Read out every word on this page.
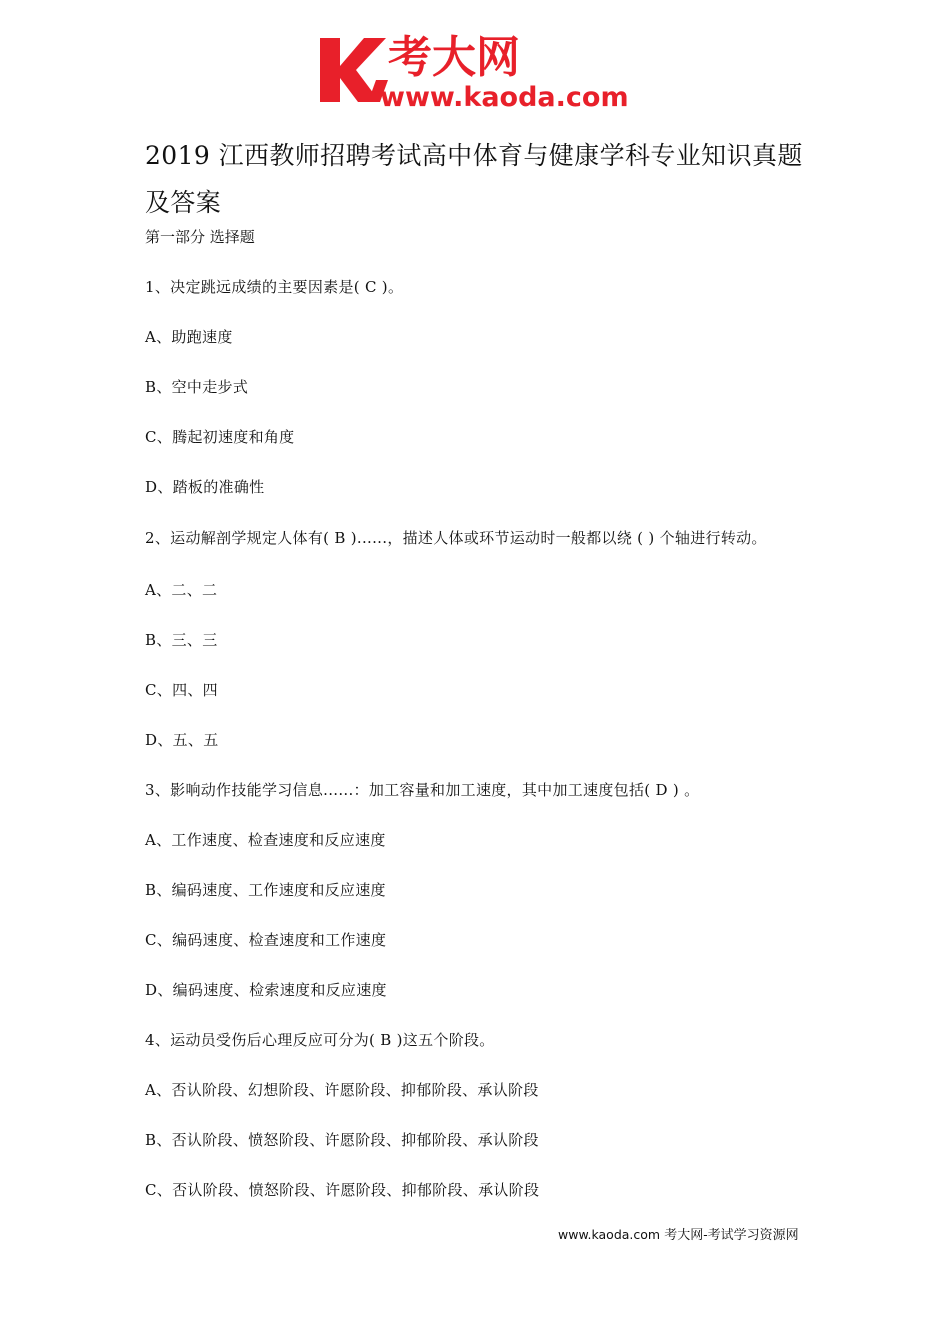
考大网
www.kaoda.com
2019 江西教师招聘考试高中体育与健康学科专业知识真题及答案
第一部分 选择题

1、决定跳远成绩的主要因素是( C )。

A、助跑速度

B、空中走步式

C、腾起初速度和角度

D、踏板的准确性

2、运动解剖学规定人体有( B )......，描述人体或环节运动时一般都以绕 ( ) 个轴进行转动。

A、二、二

B、三、三

C、四、四

D、五、五

3、影响动作技能学习信息......：加工容量和加工速度，其中加工速度包括( D ) 。

A、工作速度、检查速度和反应速度

B、编码速度、工作速度和反应速度

C、编码速度、检查速度和工作速度

D、编码速度、检索速度和反应速度

4、运动员受伤后心理反应可分为( B )这五个阶段。

A、否认阶段、幻想阶段、许愿阶段、抑郁阶段、承认阶段

B、否认阶段、愤怒阶段、许愿阶段、抑郁阶段、承认阶段

C、否认阶段、愤怒阶段、许愿阶段、抑郁阶段、承认阶段

www.kaoda.com 考大网-考试学习资源网
